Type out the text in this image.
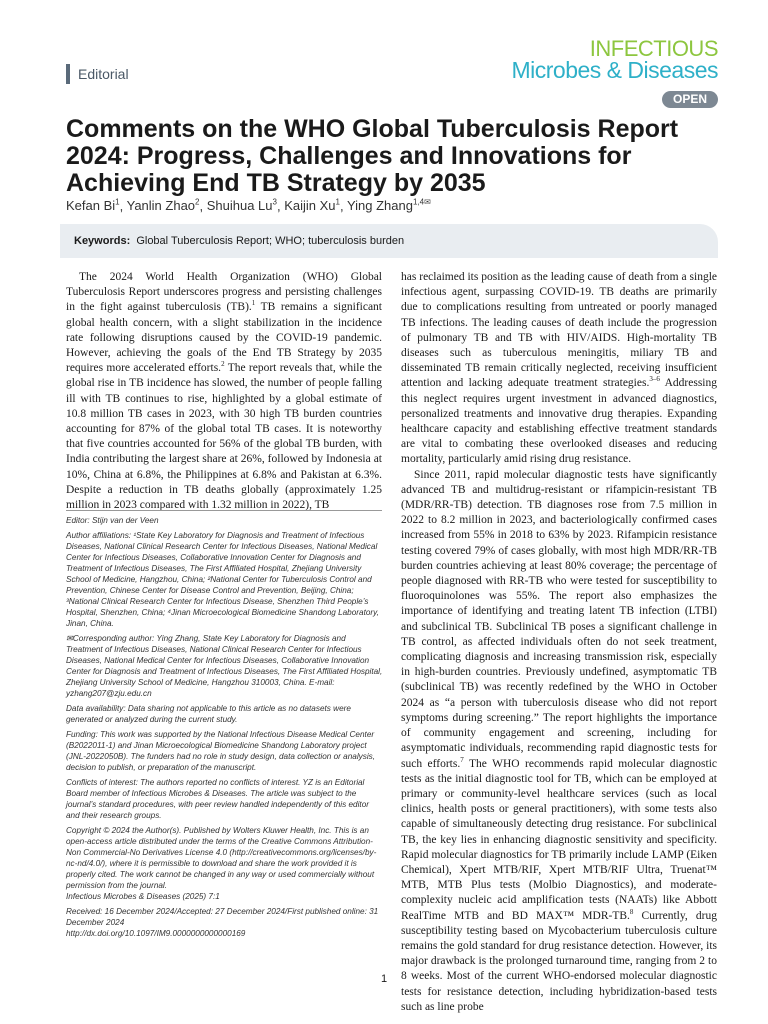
Editorial
INFECTIOUS
Microbes & Diseases
OPEN
Comments on the WHO Global Tuberculosis Report 2024: Progress, Challenges and Innovations for Achieving End TB Strategy by 2035
Kefan Bi$^1$, Yanlin Zhao$^2$, Shuihua Lu$^3$, Kaijin Xu$^1$, Ying Zhang$^{1,4✉}$
Keywords: Global Tuberculosis Report; WHO; tuberculosis burden

The 2024 World Health Organization (WHO) Global Tuberculosis Report underscores progress and persisting challenges in the fight against tuberculosis (TB).$^1$ TB remains a significant global health concern, with a slight stabilization in the incidence rate following disruptions caused by the COVID-19 pandemic. However, achieving the goals of the End TB Strategy by 2035 requires more accelerated efforts.$^2$ The report reveals that, while the global rise in TB incidence has slowed, the number of people falling ill with TB continues to rise, highlighted by a global estimate of 10.8 million TB cases in 2023, with 30 high TB burden countries accounting for 87% of the global total TB cases. It is noteworthy that five countries accounted for 56% of the global TB burden, with India contributing the largest share at 26%, followed by Indonesia at 10%, China at 6.8%, the Philippines at 6.8% and Pakistan at 6.3%. Despite a reduction in TB deaths globally (approximately 1.25 million in 2023 compared with 1.32 million in 2022), TB

Editor: Stijn van der Veen
Author affiliations: ¹State Key Laboratory for Diagnosis and Treatment of Infectious Diseases, National Clinical Research Center for Infectious Diseases, National Medical Center for Infectious Diseases, Collaborative Innovation Center for Diagnosis and Treatment of Infectious Diseases, The First Affiliated Hospital, Zhejiang University School of Medicine, Hangzhou, China; ²National Center for Tuberculosis Control and Prevention, Chinese Center for Disease Control and Prevention, Beijing, China; ³National Clinical Research Center for Infectious Disease, Shenzhen Third People’s Hospital, Shenzhen, China; ⁴Jinan Microecological Biomedicine Shandong Laboratory, Jinan, China.
✉Corresponding author: Ying Zhang, State Key Laboratory for Diagnosis and Treatment of Infectious Diseases, National Clinical Research Center for Infectious Diseases, National Medical Center for Infectious Diseases, Collaborative Innovation Center for Diagnosis and Treatment of Infectious Diseases, The First Affiliated Hospital, Zhejiang University School of Medicine, Hangzhou 310003, China. E-mail: yzhang207@zju.edu.cn
Data availability: Data sharing not applicable to this article as no datasets were generated or analyzed during the current study.
Funding: This work was supported by the National Infectious Disease Medical Center (B2022011-1) and Jinan Microecological Biomedicine Shandong Laboratory project (JNL-2022050B). The funders had no role in study design, data collection or analysis, decision to publish, or preparation of the manuscript.
Conflicts of interest: The authors reported no conflicts of interest. YZ is an Editorial Board member of Infectious Microbes & Diseases. The article was subject to the journal’s standard procedures, with peer review handled independently of this editor and their research groups.
Copyright © 2024 the Author(s). Published by Wolters Kluwer Health, Inc. This is an open-access article distributed under the terms of the Creative Commons Attribution-Non Commercial-No Derivatives License 4.0 (http://creativecommons.org/licenses/by-nc-nd/4.0/), where it is permissible to download and share the work provided it is properly cited. The work cannot be changed in any way or used commercially without permission from the journal.
Infectious Microbes & Diseases (2025) 7:1
Received: 16 December 2024/Accepted: 27 December 2024/First published online: 31 December 2024
http://dx.doi.org/10.1097/IM9.0000000000000169

has reclaimed its position as the leading cause of death from a single infectious agent, surpassing COVID-19. TB deaths are primarily due to complications resulting from untreated or poorly managed TB infections. The leading causes of death include the progression of pulmonary TB and TB with HIV/AIDS. High-mortality TB diseases such as tuberculous meningitis, miliary TB and disseminated TB remain critically neglected, receiving insufficient attention and lacking adequate treatment strategies.$^{3-6}$ Addressing this neglect requires urgent investment in advanced diagnostics, personalized treatments and innovative drug therapies. Expanding healthcare capacity and establishing effective treatment standards are vital to combating these overlooked diseases and reducing mortality, particularly amid rising drug resistance.

Since 2011, rapid molecular diagnostic tests have significantly advanced TB and multidrug-resistant or rifampicin-resistant TB (MDR/RR-TB) detection. TB diagnoses rose from 7.5 million in 2022 to 8.2 million in 2023, and bacteriologically confirmed cases increased from 55% in 2018 to 63% by 2023. Rifampicin resistance testing covered 79% of cases globally, with most high MDR/RR-TB burden countries achieving at least 80% coverage; the percentage of people diagnosed with RR-TB who were tested for susceptibility to fluoroquinolones was 55%. The report also emphasizes the importance of identifying and treating latent TB infection (LTBI) and subclinical TB. Subclinical TB poses a significant challenge in TB control, as affected individuals often do not seek treatment, complicating diagnosis and increasing transmission risk, especially in high-burden countries. Previously undefined, asymptomatic TB (subclinical TB) was recently redefined by the WHO in October 2024 as “a person with tuberculosis disease who did not report symptoms during screening.” The report highlights the importance of community engagement and screening, including for asymptomatic individuals, recommending rapid diagnostic tests for such efforts.$^7$ The WHO recommends rapid molecular diagnostic tests as the initial diagnostic tool for TB, which can be employed at primary or community-level healthcare services (such as local clinics, health posts or general practitioners), with some tests also capable of simultaneously detecting drug resistance. For subclinical TB, the key lies in enhancing diagnostic sensitivity and specificity. Rapid molecular diagnostics for TB primarily include LAMP (Eiken Chemical), Xpert MTB/RIF, Xpert MTB/RIF Ultra, Truenat™ MTB, MTB Plus tests (Molbio Diagnostics), and moderate-complexity nucleic acid amplification tests (NAATs) like Abbott RealTime MTB and BD MAX™ MDR-TB.$^8$ Currently, drug susceptibility testing based on Mycobacterium tuberculosis culture remains the gold standard for drug resistance detection. However, its major drawback is the prolonged turnaround time, ranging from 2 to 8 weeks. Most of the current WHO-endorsed molecular diagnostic tests for resistance detection, including hybridization-based tests such as line probe

1
